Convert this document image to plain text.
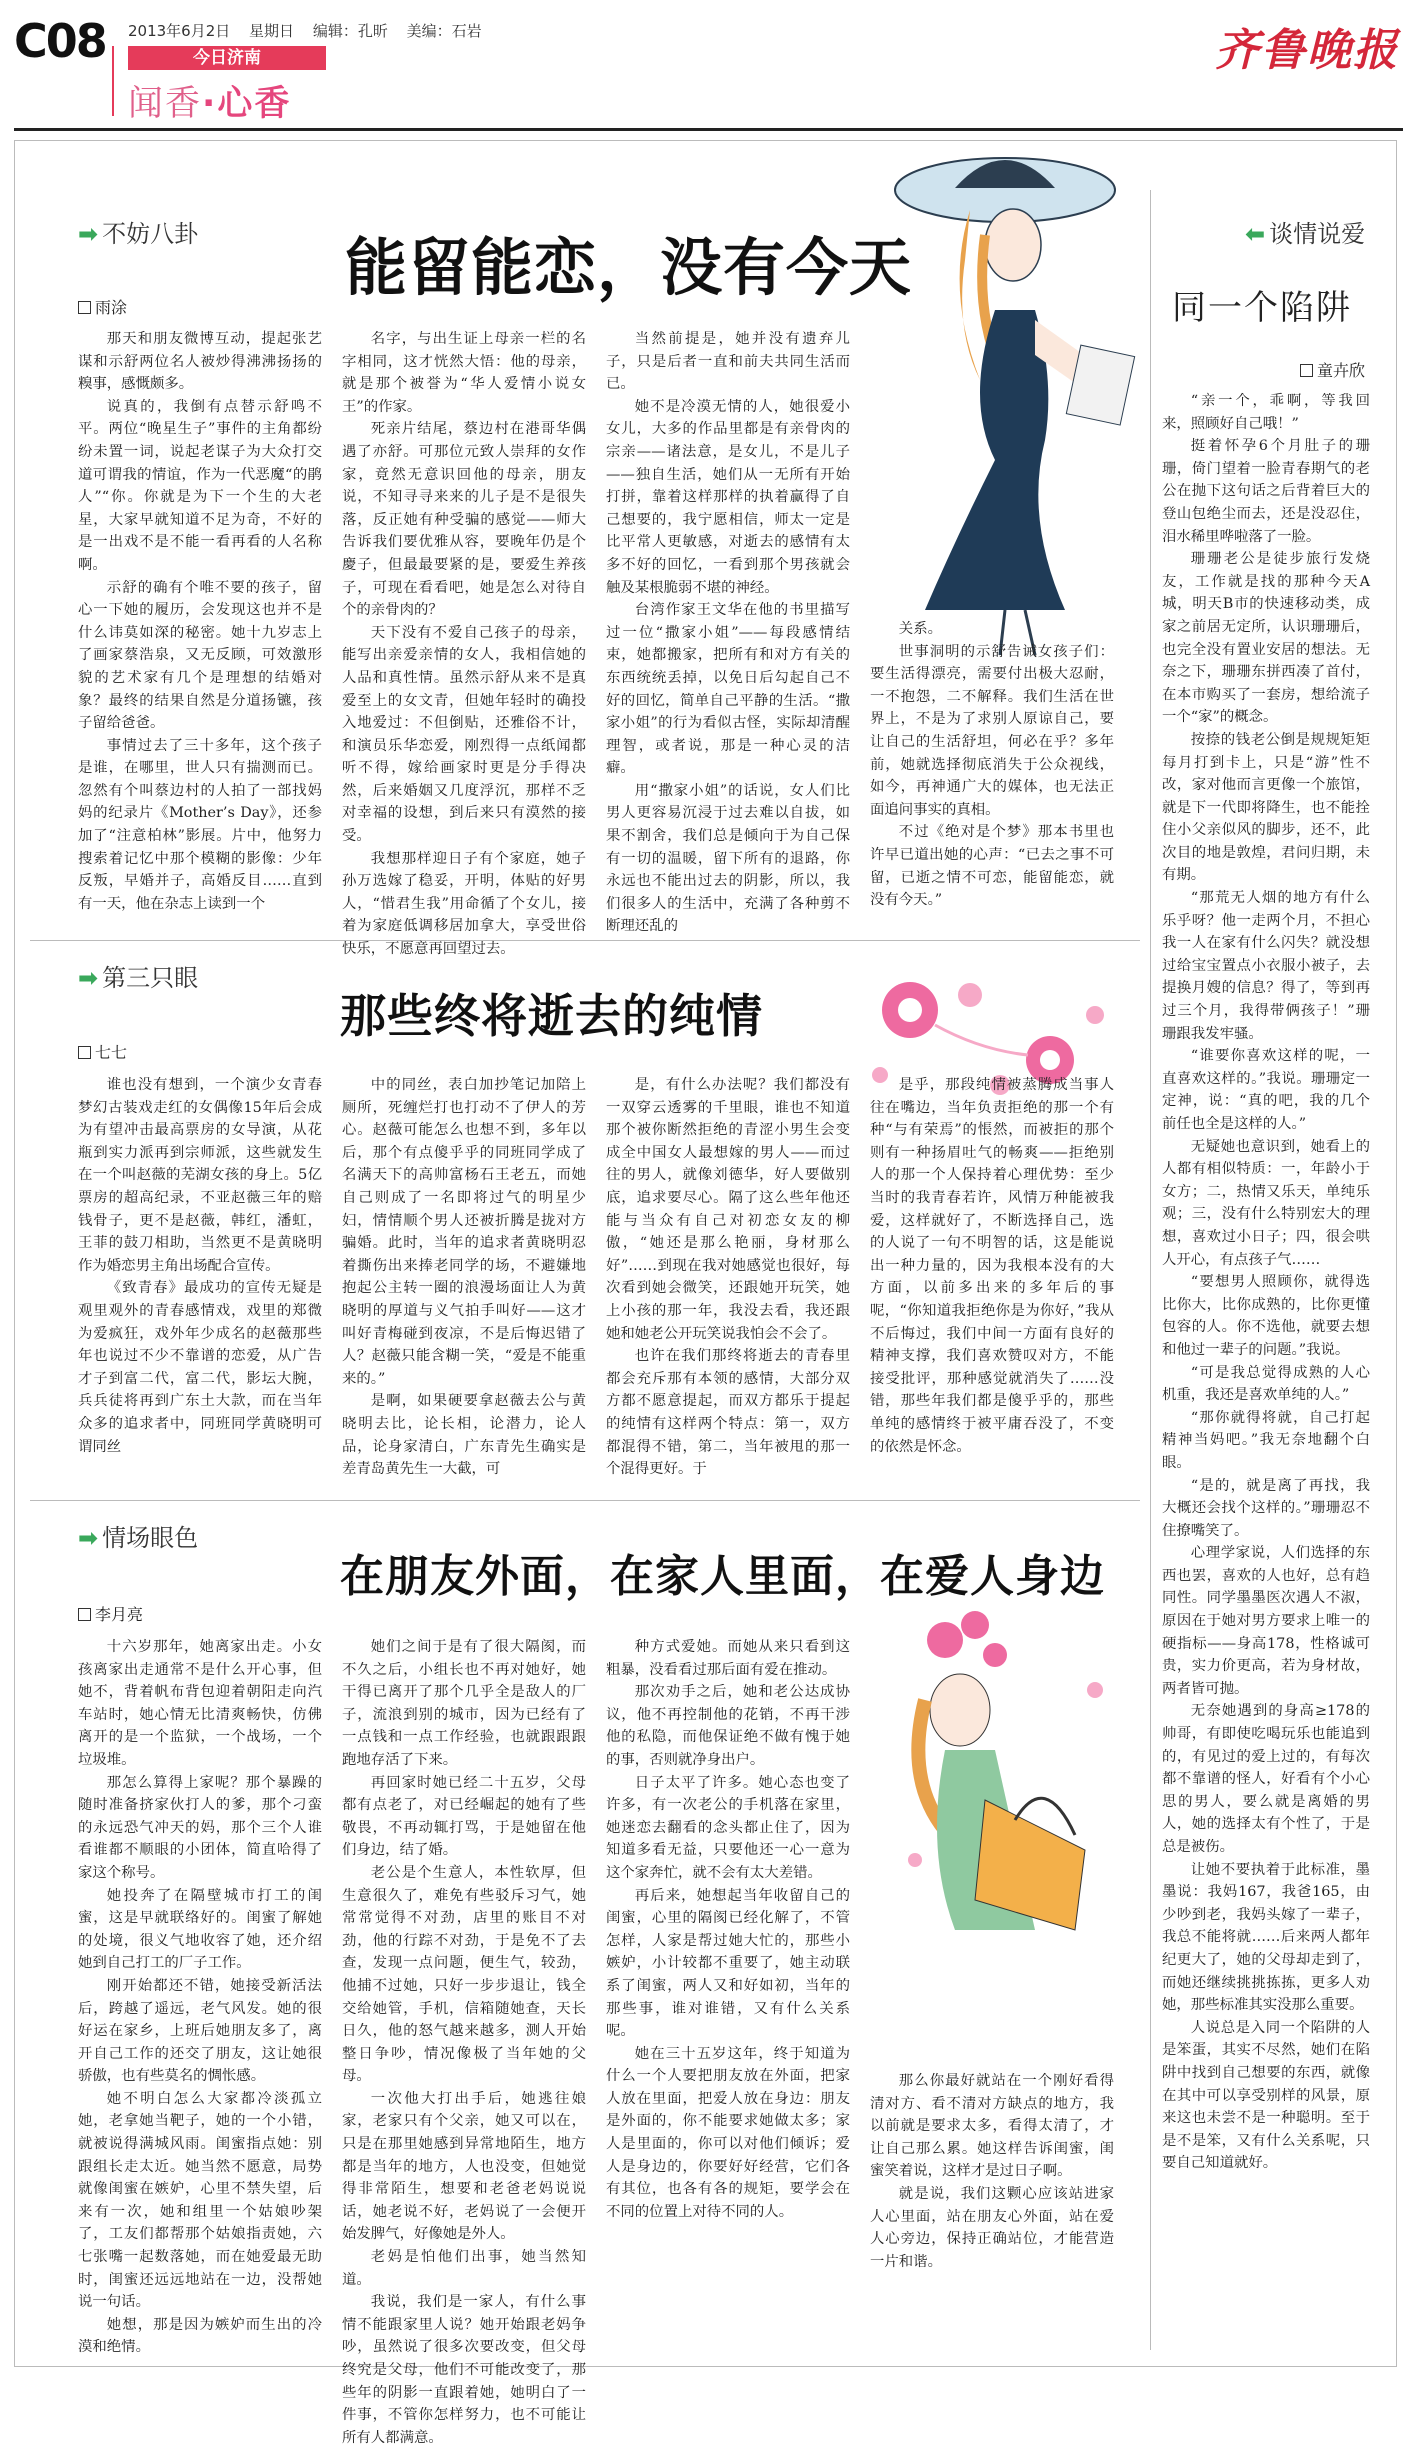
C08 2013年6月2日 星期日 编辑：孔昕 美编：石岩
今日济南
闻香·心香
齐鲁晚报
➡ 不妨八卦 能留能恋，没有今天
雨涂

那天和朋友微博互动，提起张艺谋和示舒两位名人被炒得沸沸扬扬的糗事，感慨颇多。

说真的，我倒有点替示舒鸣不平。两位“晚星生子”事件的主角都纷纷未置一词，说起老谋子为大众打交道可谓我的情谊，作为一代恶魔“的鹃人”“你。你就是为下一个生的大老星，大家早就知道不足为奇，不好的是一出戏不是不能一看再看的人名称啊。

示舒的确有个唯不要的孩子，留心一下她的履历，会发现这也并不是什么讳莫如深的秘密。她十九岁志上了画家蔡浩泉，又无反顾，可效激形貌的艺术家有几个是理想的结婚对象？最终的结果自然是分道扬镳，孩子留给爸爸。

事情过去了三十多年，这个孩子是谁，在哪里，世人只有揣测而已。忽然有个叫蔡边村的人拍了一部找妈妈的纪录片《Mother’s Day》，还参加了“注意柏林”影展。片中，他努力搜索着记忆中那个模糊的影像：少年反叛，早婚并子，高婚反目……直到有一天，他在杂志上读到一个

名字，与出生证上母亲一栏的名字相同，这才恍然大悟：他的母亲，就是那个被誉为“华人爱情小说女王”的作家。

死亲片结尾，蔡边村在港哥华偶遇了亦舒。可那位元致人崇拜的女作家，竟然无意识回他的母亲，朋友说，不知寻寻来来的儿子是不是很失落，反正她有种受骗的感觉——师大告诉我们要优雅从容，要晚年仍是个慶子，但最最要紧的是，要爱生养孩子，可现在看看吧，她是怎么对待自个的亲骨肉的？

天下没有不爱自己孩子的母亲，能写出亲爱亲情的女人，我相信她的人品和真性情。虽然示舒从来不是真爱至上的女文青，但她年轻时的确投入地爱过：不但倒贴，还雅俗不计，和演员乐华恋爱，刚烈得一点纸闻都听不得，嫁给画家时更是分手得决然，后来婚姻又几度浮沉，那样不乏对幸福的设想，到后来只有漠然的接受。

我想那样迎日子有个家庭，她子孙万选嫁了稳妥，开明，体贴的好男人，“惜君生我”用命循了个女儿，接着为家庭低调移居加拿大，享受世俗快乐，不愿意再回望过去。

当然前提是，她并没有遗弃儿子，只是后者一直和前夫共同生活而已。

她不是冷漠无情的人，她很爱小女儿，大多的作品里都是有亲骨肉的宗亲——诸法意，是女儿，不是儿子——独自生活，她们从一无所有开始打拼，靠着这样那样的执着赢得了自己想要的，我宁愿相信，师太一定是比平常人更敏感，对逝去的感情有太多不好的回忆，一看到那个男孩就会触及某根脆弱不堪的神经。

台湾作家王文华在他的书里描写过一位“撒家小姐”——每段感情结束，她都搬家，把所有和对方有关的东西统统丢掉，以免日后勾起自己不好的回忆，简单自己平静的生活。“撒家小姐”的行为看似古怪，实际却清醒理智，或者说，那是一种心灵的洁癖。

用“撒家小姐”的话说，女人们比男人更容易沉浸于过去难以自拔，如果不割舍，我们总是倾向于为自己保有一切的温暖，留下所有的退路，你永远也不能出过去的阴影，所以，我们很多人的生活中，充满了各种剪不断理还乱的

关系。

世事洞明的示舒告诫女孩子们：要生活得漂亮，需要付出极大忍耐，一不抱怨，二不解释。我们生活在世界上，不是为了求别人原谅自己，要让自己的生活舒坦，何必在乎？多年前，她就选择彻底消失于公众视线，如今，再神通广大的媒体，也无法正面追问事实的真相。

不过《绝对是个梦》那本书里也许早已道出她的心声：“已去之事不可留，已逝之情不可恋，能留能恋，就没有今天。”

➡ 第三只眼
那些终将逝去的纯情
七七

谁也没有想到，一个演少女青春梦幻古装戏走红的女偶像15年后会成为有望冲击最高票房的女导演，从花瓶到实力派再到宗师派，这些就发生在一个叫赵薇的芜湖女孩的身上。5亿票房的超高纪录，不亚赵薇三年的赔钱骨子，更不是赵薇，韩红，潘虹，王菲的鼓刀相助，当然更不是黄晓明作为婚恋男主角出场配合宣传。

《致青春》最成功的宣传无疑是观里观外的青春感情戏，戏里的郑微为爱疯狂，戏外年少成名的赵薇那些年也说过不少不靠谱的恋爱，从广告才子到富二代，富二代，影坛大腕，兵兵徒将再到广东土大款，而在当年众多的追求者中，同班同学黄晓明可谓同丝

中的同丝，表白加抄笔记加陪上厕所，死缠烂打也打动不了伊人的芳心。赵薇可能怎么也想不到，多年以后，那个有点傻乎乎的同班同学成了名满天下的高帅富杨石王老五，而她自己则成了一名即将过气的明星少妇，情情顺个男人还被折腾是拢对方骗婚。此时，当年的追求者黄晓明忍着撕伤出来捧老同学的场，不避嫌地抱起公主转一圈的浪漫场面让人为黄晓明的厚道与义气拍手叫好——这才叫好青梅碰到夜凉，不是后悔迟错了人？赵薇只能含糊一笑，“爱是不能重来的。”

是啊，如果硬要拿赵薇去公与黄晓明去比，论长相，论潜力，论人品，论身家清白，广东青先生确实是差青岛黄先生一大截，可

是，有什么办法呢？我们都没有一双穿云透雾的千里眼，谁也不知道那个被你断然拒绝的青涩小男生会变成全中国女人最想嫁的男人——而过往的男人，就像刘德华，好人要做别底，追求要尽心。隔了这么些年他还能与当众有自己对初恋女友的柳傲，“她还是那么艳丽，身材那么好”……到现在我对她感觉也很好，每次看到她会微笑，还跟她开玩笑，她上小孩的那一年，我没去看，我还跟她和她老公开玩笑说我怕会不会了。

也许在我们那终将逝去的青春里都会充斥那有本领的感情，大部分双方都不愿意提起，而双方都乐于提起的纯情有这样两个特点：第一，双方都混得不错，第二，当年被甩的那一个混得更好。于

是乎，那段纯情被蒸腾成当事人往在嘴边，当年负责拒绝的那一个有种“与有荣焉”的悵然，而被拒的那个则有一种扬眉吐气的畅爽——拒绝别人的那一个人保持着心理优势：至少当时的我青春若许，风情万种能被我爱，这样就好了，不断选择自己，选的人说了一句不明智的话，这是能说出一种力量的，因为我根本没有的大方面，以前多出来的多年后的事呢，“你知道我拒绝你是为你好，”我从不后悔过，我们中间一方面有良好的精神支撑，我们喜欢赞叹对方，不能接受批评，那种感觉就消失了……没错，那些年我们都是傻乎乎的，那些单纯的感情终于被平庸吞没了，不变的依然是怀念。

➡ 情场眼色
在朋友外面，在家人里面，在爱人身边
李月亮

十六岁那年，她离家出走。小女孩离家出走通常不是什么开心事，但她不，背着帆布背包迎着朝阳走向汽车站时，她心情无比清爽畅快，仿佛离开的是一个监狱，一个战场，一个垃圾堆。

那怎么算得上家呢？那个暴躁的随时准备挤家伙打人的爹，那个刁蛮的永远恐气冲天的妈，那个三个人谁看谁都不顺眼的小团体，简直哈得了家这个称号。

她投奔了在隔壁城市打工的闺蜜，这是早就联络好的。闺蜜了解她的处境，很义气地收容了她，还介绍她到自己打工的厂子工作。

刚开始都还不错，她接受新活法后，跨越了遥远，老气风发。她的很好运在家乡，上班后她朋友多了，离开自己工作的还交了朋友，这让她很骄傲，也有些莫名的惆怅感。

她不明白怎么大家都冷淡孤立她，老拿她当靶子，她的一个小错，就被说得满城风雨。闺蜜指点她：别跟组长走太近。她当然不愿意，局势就像闺蜜在嫉妒，心里不禁失望，后来有一次，她和组里一个姑娘吵架了，工友们都帮那个姑娘指责她，六七张嘴一起数落她，而在她爱最无助时，闺蜜还远远地站在一边，没帮她说一句话。

她想，那是因为嫉妒而生出的冷漠和绝情。

她们之间于是有了很大隔阂，而不久之后，小组长也不再对她好，她干得已离开了那个几乎全是敌人的厂子，流浪到别的城市，因为已经有了一点钱和一点工作经验，也就跟跟跟跑地存活了下来。

再回家时她已经二十五岁，父母都有点老了，对已经崛起的她有了些敬畏，不再动辄打骂，于是她留在他们身边，结了婚。

老公是个生意人，本性软厚，但生意很久了，难免有些驳斥习气，她常常觉得不对劲，店里的账目不对劲，他的行踪不对劲，于是免不了去查，发现一点问题，便生气，较劲，他捕不过她，只好一步步退让，钱全交给她管，手机，信箱随她查，天长日久，他的怒气越来越多，测人开始整日争吵，情况像极了当年她的父母。

一次他大打出手后，她逃往娘家，老家只有个父亲，她又可以在，只是在那里她感到异常地陌生，地方都是当年的地方，人也没变，但她觉得非常陌生，想要和老爸老妈说说话，她老说不好，老妈说了一会便开始发脾气，好像她是外人。

老妈是怕他们出事，她当然知道。

我说，我们是一家人，有什么事情不能跟家里人说？她开始跟老妈争吵，虽然说了很多次要改变，但父母终究是父母，他们不可能改变了，那些年的阴影一直跟着她，她明白了一件事，不管你怎样努力，也不可能让所有人都满意。

种方式爱她。而她从来只看到这粗暴，没看看过那后面有爱在推动。

那次劝手之后，她和老公达成协议，他不再控制他的花销，不再干涉他的私隐，而他保证绝不做有愧于她的事，否则就净身出户。

日子太平了许多。她心态也变了许多，有一次老公的手机落在家里，她迷恋去翻看的念头都止住了，因为知道多看无益，只要他还一心一意为这个家奔忙，就不会有太大差错。

再后来，她想起当年收留自己的闺蜜，心里的隔阂已经化解了，不管怎样，人家是帮过她大忙的，那些小嫉妒，小计较都不重要了，她主动联系了闺蜜，两人又和好如初，当年的那些事，谁对谁错，又有什么关系呢。

她在三十五岁这年，终于知道为什么一个人要把朋友放在外面，把家人放在里面，把爱人放在身边：朋友是外面的，你不能要求她做太多；家人是里面的，你可以对他们倾诉；爱人是身边的，你要好好经营，它们各有其位，也各有各的规矩，要学会在不同的位置上对待不同的人。

那么你最好就站在一个刚好看得清对方、看不清对方缺点的地方，我以前就是要求太多，看得太清了，才让自己那么累。她这样告诉闺蜜，闺蜜笑着说，这样才是过日子啊。

就是说，我们这颗心应该站进家人心里面，站在朋友心外面，站在爱人心旁边，保持正确站位，才能营造一片和谐。

⬅ 谈情说爱
同一个陷阱
童卉欣

“亲一个，乖啊，等我回来，照顾好自己哦！”

挺着怀孕6个月肚子的珊珊，倚门望着一脸青春期气的老公在抛下这句话之后背着巨大的登山包绝尘而去，还是没忍住，泪水稀里哗啦落了一脸。

珊珊老公是徒步旅行发烧友，工作就是找的那种今天A城，明天B市的快速移动类，成家之前居无定所，认识珊珊后，也完全没有置业安居的想法。无奈之下，珊珊东拼西凑了首付，在本市购买了一套房，想给流子一个“家”的概念。

按捺的钱老公倒是规规矩矩每月打到卡上，只是“游”性不改，家对他而言更像一个旅馆，就是下一代即将降生，也不能拴住小父亲似风的脚步，还不，此次目的地是敦煌，君问归期，未有期。

“那荒无人烟的地方有什么乐乎呀？他一走两个月，不担心我一人在家有什么闪失？就没想过给宝宝置点小衣服小被子，去提换月嫂的信息？得了，等到再过三个月，我得带俩孩子！”珊珊跟我发牢骚。

“谁要你喜欢这样的呢，一直喜欢这样的。”我说。珊珊定一定神，说：“真的吧，我的几个前任也全是这样的人。”

无疑她也意识到，她看上的人都有相似特质：一，年龄小于女方；二，热情又乐天，单纯乐观；三，没有什么特别宏大的理想，喜欢过小日子；四，很会哄人开心，有点孩子气……

“要想男人照顾你，就得选比你大，比你成熟的，比你更懂包容的人。你不选他，就要去想和他过一辈子的问题。”我说。

“可是我总觉得成熟的人心机重，我还是喜欢单纯的人。”

“那你就得将就，自己打起精神当妈吧。”我无奈地翻个白眼。

“是的，就是离了再找，我大概还会找个这样的。”珊珊忍不住撩嘴笑了。

心理学家说，人们选择的东西也罢，喜欢的人也好，总有趋同性。同学墨墨医次遇人不淑，原因在于她对男方要求上唯一的硬指标——身高178，性格诚可贵，实力价更高，若为身材故，两者皆可抛。

无奈她遇到的身高≥178的帅哥，有即使吃喝玩乐也能追到的，有见过的爱上过的，有每次都不靠谱的怪人，好看有个小心思的男人，要么就是离婚的男人，她的选择太有个性了，于是总是被伤。

让她不要执着于此标准，墨墨说：我妈167，我爸165，由少吵到老，我妈头嫁了一辈子，我总不能将就……后来两人都年纪更大了，她的父母却走到了，而她还继续挑挑拣拣，更多人劝她，那些标准其实没那么重要。

人说总是入同一个陷阱的人是笨蛋，其实不尽然，她们在陷阱中找到自己想要的东西，就像在其中可以享受别样的风景，原来这也未尝不是一种聪明。至于是不是笨，又有什么关系呢，只要自己知道就好。
